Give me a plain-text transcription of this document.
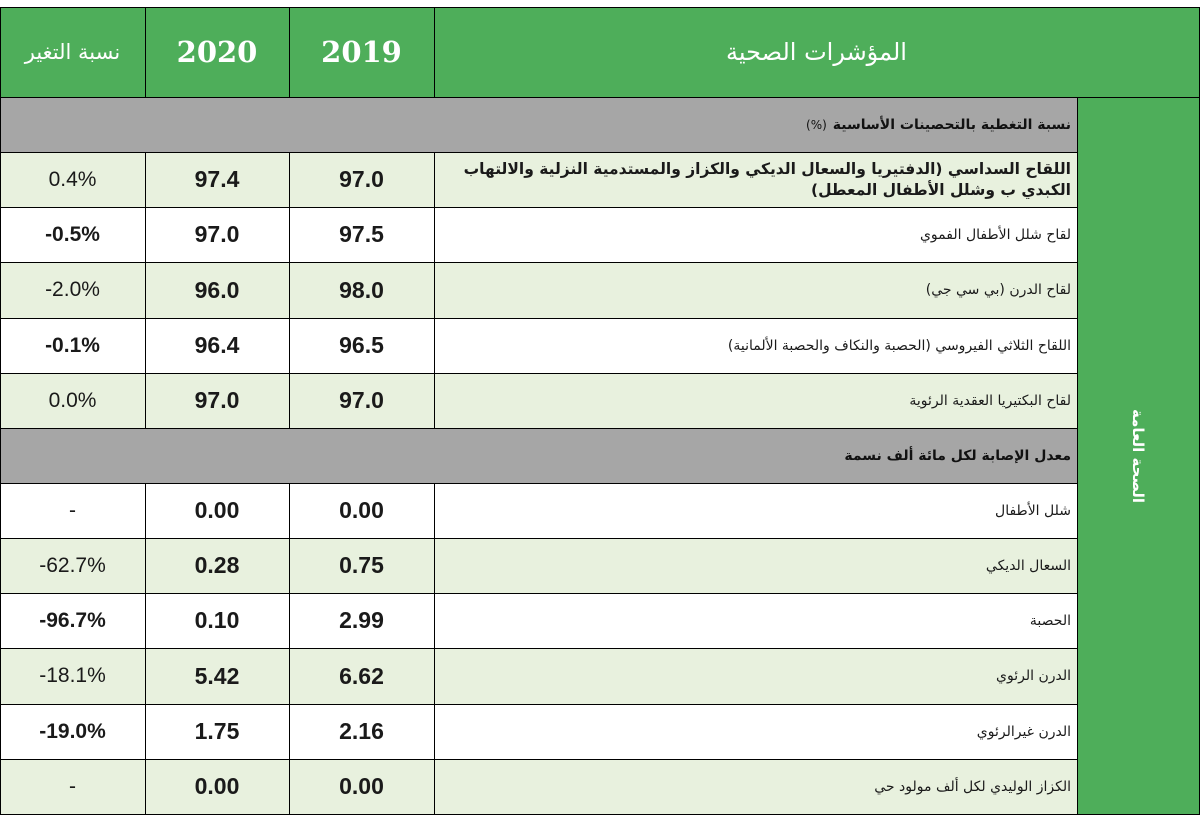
نسبة التغير	2020	2019	المؤشرات الصحية
الصحة العامة
نسبة التغطية بالتحصينات الأساسية
(%)
0.4%	97.4	97.0	اللقاح السداسي (الدفتيريا والسعال الديكي والكزاز والمستدمية النزلية والالتهاب الكبدي ب وشلل الأطفال المعطل)
-0.5%	97.0	97.5	لقاح شلل الأطفال الفموي
-2.0%	96.0	98.0	لقاح الدرن (بي سي جي)
-0.1%	96.4	96.5	اللقاح الثلاثي الفيروسي (الحصبة والنكاف والحصبة الألمانية)
0.0%	97.0	97.0	لقاح البكتيريا العقدية الرئوية
معدل الإصابة لكل مائة ألف نسمة
-	0.00	0.00	شلل الأطفال
-62.7%	0.28	0.75	السعال الديكي
-96.7%	0.10	2.99	الحصبة
-18.1%	5.42	6.62	الدرن الرئوي
-19.0%	1.75	2.16	الدرن غيرالرئوي
-	0.00	0.00	الكزاز الوليدي لكل ألف مولود حي
